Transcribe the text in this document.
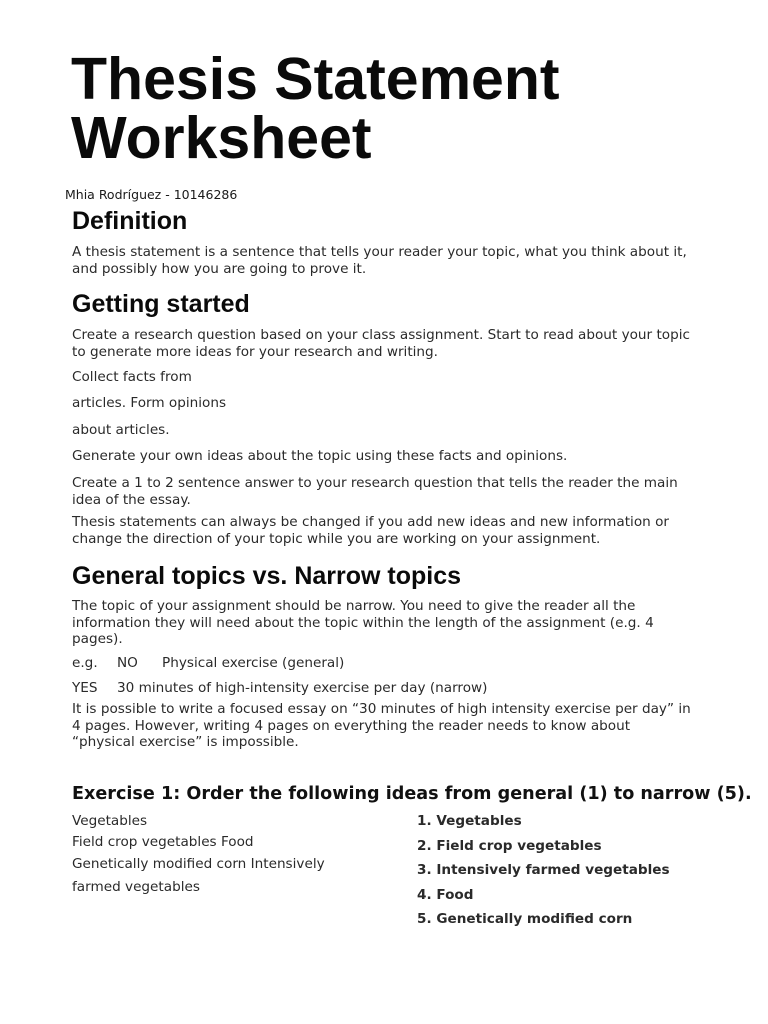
Thesis Statement
Worksheet
Mhia Rodríguez - 10146286
Definition

A thesis statement is a sentence that tells your reader your topic, what you think about it, and possibly how you are going to prove it.

Getting started

Create a research question based on your class assignment. Start to read about your topic to generate more ideas for your research and writing.

Collect facts from

articles. Form opinions

about articles.

Generate your own ideas about the topic using these facts and opinions.

Create a 1 to 2 sentence answer to your research question that tells the reader the main idea of the essay.

Thesis statements can always be changed if you add new ideas and new information or change the direction of your topic while you are working on your assignment.

General topics vs. Narrow topics

The topic of your assignment should be narrow. You need to give the reader all the information they will need about the topic within the length of the assignment (e.g. 4 pages).

e.g. NO Physical exercise (general)
YES 30 minutes of high-intensity exercise per day (narrow)

It is possible to write a focused essay on “30 minutes of high intensity exercise per day” in 4 pages. However, writing 4 pages on everything the reader needs to know about “physical exercise” is impossible.

Exercise 1: Order the following ideas from general (1) to narrow (5).
Vegetables
Field crop vegetables Food
Genetically modified corn Intensively
farmed vegetables
1. Vegetables
2. Field crop vegetables
3. Intensively farmed vegetables
4. Food
5. Genetically modified corn
